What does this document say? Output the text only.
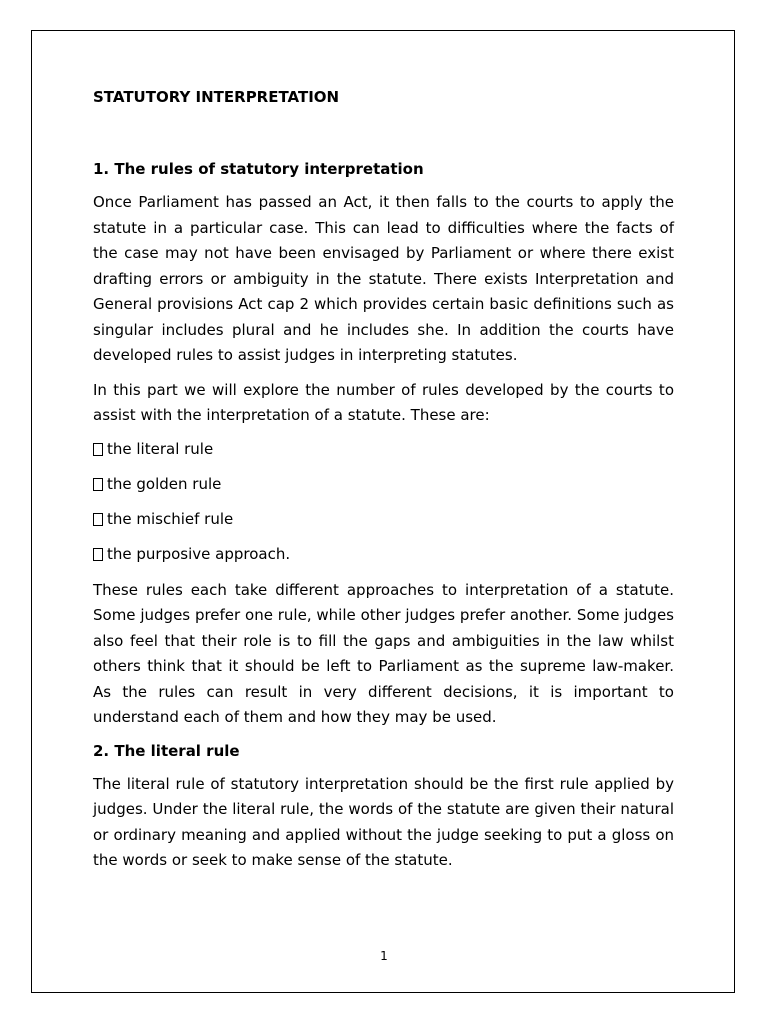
STATUTORY INTERPRETATION
1. The rules of statutory interpretation

Once Parliament has passed an Act, it then falls to the courts to apply the statute in a particular case. This can lead to difficulties where the facts of the case may not have been envisaged by Parliament or where there exist drafting errors or ambiguity in the statute. There exists Interpretation and General provisions Act cap 2 which provides certain basic definitions such as singular includes plural and he includes she. In addition the courts have developed rules to assist judges in interpreting statutes.

In this part we will explore the number of rules developed by the courts to assist with the interpretation of a statute. These are:

the literal rule
the golden rule
the mischief rule
the purposive approach.

These rules each take different approaches to interpretation of a statute. Some judges prefer one rule, while other judges prefer another. Some judges also feel that their role is to fill the gaps and ambiguities in the law whilst others think that it should be left to Parliament as the supreme law-maker. As the rules can result in very different decisions, it is important to understand each of them and how they may be used.

2. The literal rule

The literal rule of statutory interpretation should be the first rule applied by judges. Under the literal rule, the words of the statute are given their natural or ordinary meaning and applied without the judge seeking to put a gloss on the words or seek to make sense of the statute.

1
